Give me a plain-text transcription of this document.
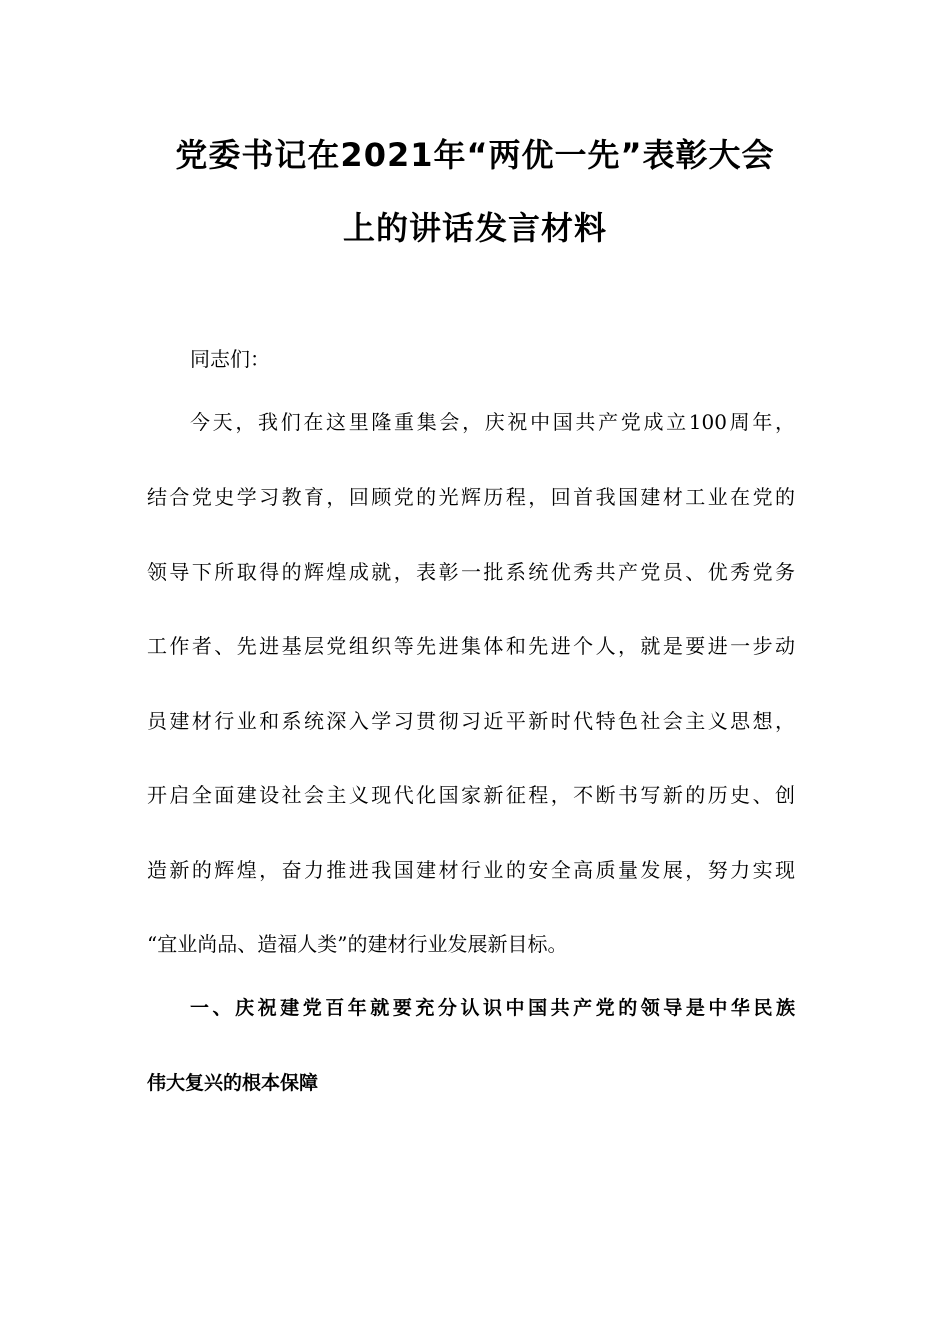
党委书记在2021年“两优一先”表彰大会
上的讲话发言材料

同志们：

今天，我们在这里隆重集会，庆祝中国共产党成立100周年，

结合党史学习教育，回顾党的光辉历程，回首我国建材工业在党的

领导下所取得的辉煌成就，表彰一批系统优秀共产党员、优秀党务

工作者、先进基层党组织等先进集体和先进个人，就是要进一步动

员建材行业和系统深入学习贯彻习近平新时代特色社会主义思想，

开启全面建设社会主义现代化国家新征程，不断书写新的历史、创

造新的辉煌，奋力推进我国建材行业的安全高质量发展，努力实现

“宜业尚品、造福人类”的建材行业发展新目标。

一、庆祝建党百年就要充分认识中国共产党的领导是中华民族

伟大复兴的根本保障
